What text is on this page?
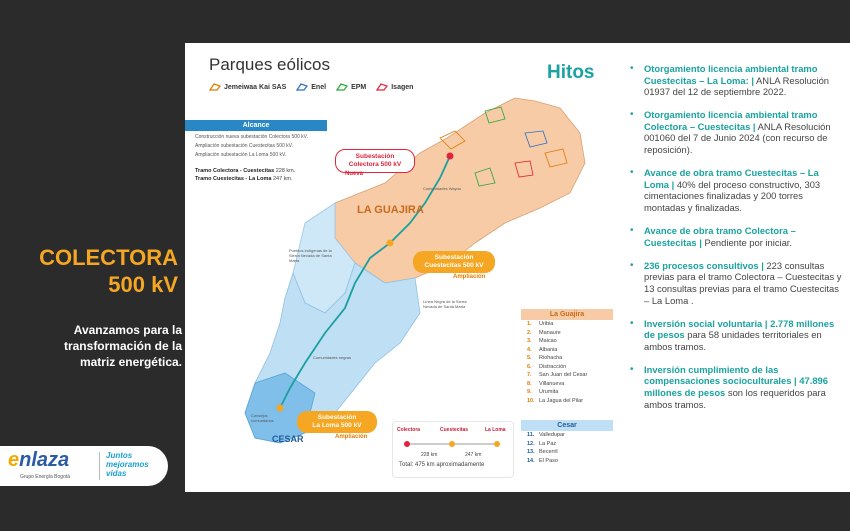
COLECTORA
500 kV
Avanzamos para la
transformación de la
matriz energética.
enlaza
Grupo Energía Bogotá
Juntos
mejoramos
vidas
Parques eólicos
Jemeiwaa Kai SAS	Enel	EPM	Isagen
Alcance
Construcción nueva subestación Colectora 500 kV.
Ampliación subestación Cuestecitas 500 kV.
Ampliación subestación La Loma 500 kV.
Tramo Colectora - Cuestecitas 228 km.
Tramo Cuestecitas - La Loma 247 km.
Subestación
Colectora 500 kV
Nueva
Subestación
Cuestecitas 500 kV
Ampliación
Subestación
La Loma 500 kV
Ampliación
LA GUAJIRA
CESAR
Comunidades Wayuu
Pueblos indígenas de la Sierra Nevada de Santa Marta
Línea Negra de la Sierra Nevada de Santa Marta
Comunidades negras
Consejos comunitarios
La Guajira
1. Uribia
2. Manaure
3. Maicao
4. Albania
5. Riohacha
6. Distracción
7. San Juan del Cesar
8. Villanueva
9. Urumita
10. La Jagua del Pilar
Cesar
11. Valledupar
12. La Paz
13. Becerril
14. El Paso
Colectora	Cuestecitas	La Loma
228 km	247 km
Total: 475 km aproximadamente
Hitos	• Otorgamiento licencia ambiental tramo Cuestecitas – La Loma: | ANLA Resolución 01937 del 12 de septiembre 2022.
• Otorgamiento licencia ambiental tramo Colectora – Cuestecitas | ANLA Resolución 001060 del 7 de Junio 2024 (con recurso de reposición).
• Avance de obra tramo Cuestecitas – La Loma | 40% del proceso constructivo, 303 cimentaciones finalizadas y 200 torres montadas y finalizadas.
• Avance de obra tramo Colectora – Cuestecitas | Pendiente por iniciar.
• 236 procesos consultivos | 223 consultas previas para el tramo Colectora – Cuestecitas y 13 consultas previas para el tramo Cuestecitas – La Loma .
• Inversión social voluntaria | 2.778 millones de pesos para 58 unidades territoriales en ambos tramos.
• Inversión cumplimiento de las compensaciones socioculturales | 47.896 millones de pesos son los requeridos para ambos tramos.
